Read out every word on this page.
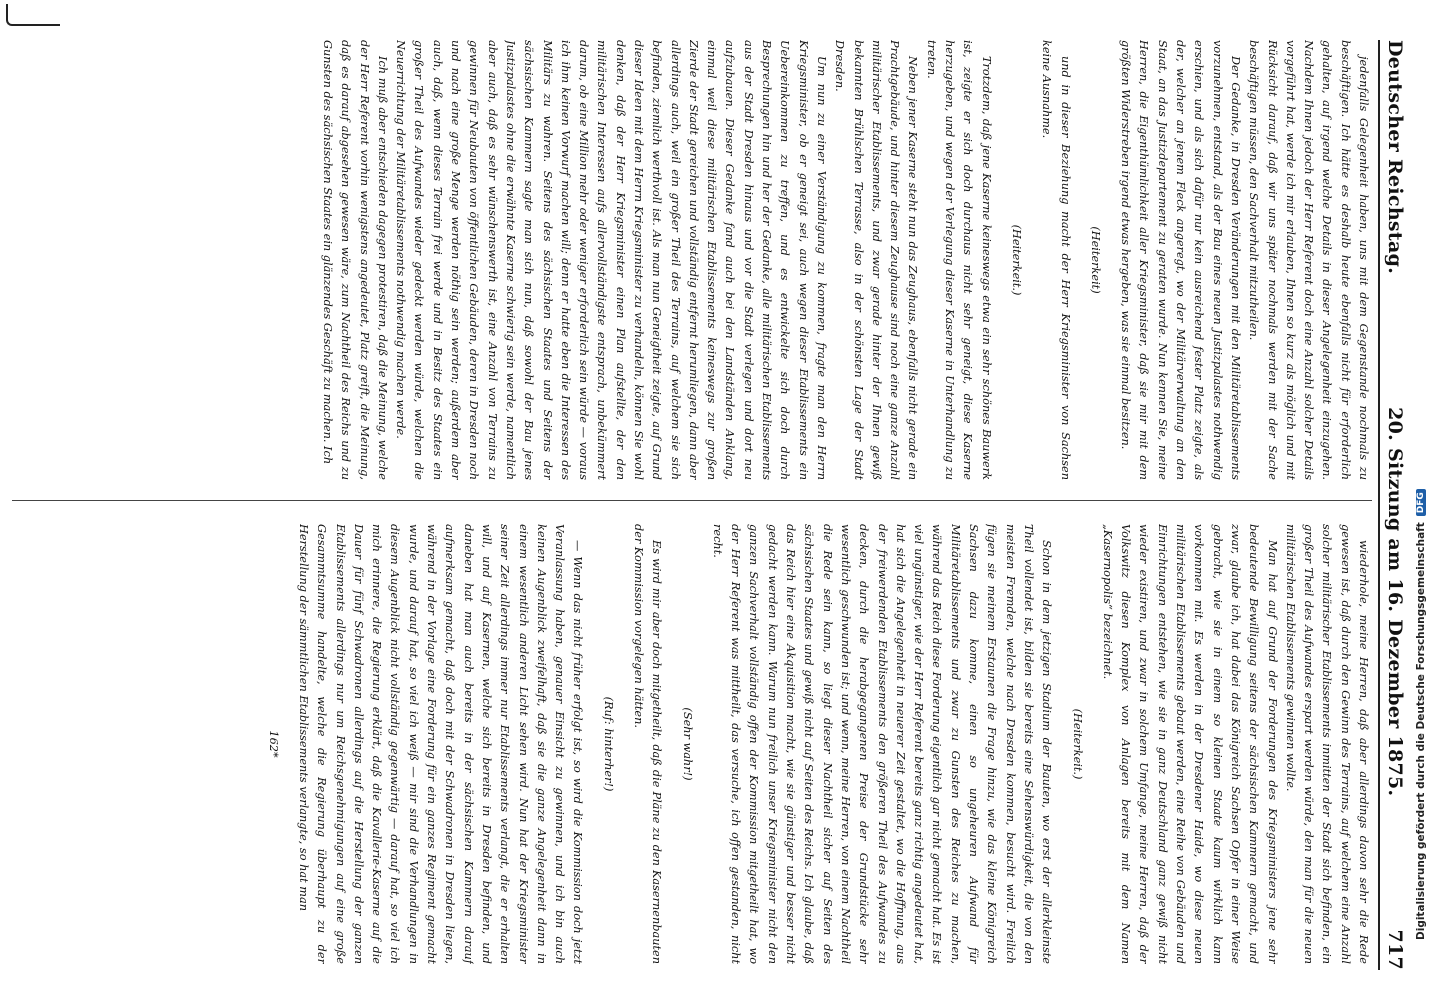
Deutscher Reichstag.
20. Sitzung am 16. Dezember 1875.
717

jedenfalls Gelegenheit haben, uns mit dem Gegenstande nochmals zu beschäftigen. Ich hätte es deshalb heute ebenfalls nicht für erforderlich gehalten, auf irgend welche Details in dieser Angelegenheit einzugehen. Nachdem Ihnen jedoch der Herr Referent doch eine Anzahl solcher Details vorgeführt hat, werde ich mir erlauben, Ihnen so kurz als möglich und mit Rücksicht darauf, daß wir uns später nochmals werden mit der Sache beschäftigen müssen, den Sachverhalt mitzutheilen.

Der Gedanke, in Dresden Veränderungen mit den Militäretablissements vorzunehmen, entstand, als der Bau eines neuen Justizpalastes nothwendig erschien, und als sich dafür nur kein ausreichend fester Platz zeigte, als der, welcher an jenem Fleck angeregt, wo der Militärverwaltung an den Staat, an das Justizdepartement zu geraten wurde. Nun kennen Sie, meine Herren, die Eigenthümlichkeit aller Kriegsminister, daß sie mir mit dem größten Widerstreben irgend etwas hergeben, was sie einmal besitzen.

(Heiterkeit)

und in dieser Beziehung macht der Herr Kriegsminister von Sachsen keine Ausnahme.

(Heiterkeit.)

Trotzdem, daß jene Kaserne keineswegs etwa ein sehr schönes Bauwerk ist, zeigte er sich doch durchaus nicht sehr geneigt, diese Kaserne herzugeben, und wegen der Verlegung dieser Kaserne in Unterhandlung zu treten.

Neben jener Kaserne steht nun das Zeughaus, ebenfalls nicht gerade ein Prachtgebäude, und hinter diesem Zeughause sind noch eine ganze Anzahl militärischer Etablissements, und zwar gerade hinter der Ihnen gewiß bekannten Brühlschen Terrasse, also in der schönsten Lage der Stadt Dresden.

Um nun zu einer Verständigung zu kommen, fragte man den Herrn Kriegsminister, ob er geneigt sei, auch wegen dieser Etablissements ein Uebereinkommen zu treffen, und es entwickelte sich doch durch Besprechungen hin und her der Gedanke, alle militärischen Etablissements aus der Stadt Dresden hinaus und vor die Stadt verlegen und dort neu aufzubauen. Dieser Gedanke fand auch bei den Landständen Anklang, einmal weil diese militärischen Etablissements keineswegs zur großen Zierde der Stadt gereichen und vollständig entfernt herumliegen, dann aber allerdings auch, weil ein großer Theil des Terrains, auf welchem sie sich befinden, ziemlich werthvoll ist. Als man nun Geneigtheit zeigte, auf Grund dieser Ideen mit dem Herrn Kriegsminister zu verhandeln, können Sie wohl denken, daß der Herr Kriegsminister einen Plan aufstellte, der den militärischen Interessen aufs allervollständigste entsprach, unbekümmert darum, ob eine Million mehr oder weniger erforderlich sein würde — voraus ich ihm keinen Vorwurf machen will; denn er hatte eben die Interessen des Militärs zu wahren. Seitens des sächsischen Staates und Seitens der sächsischen Kammern sagte man sich nun, daß sowohl der Bau jenes Justizpalastes ohne die erwähnte Kaserne schwierig sein werde, namentlich aber auch, daß es sehr wünschenswerth ist, eine Anzahl von Terrains zu gewinnen für Neubauten von öffentlichen Gebäuden, deren in Dresden noch und nach eine große Menge werden nöthig sein werden; außerdem aber auch, daß, wenn dieses Terrain frei werde und in Besitz des Staates ein großer Theil des Aufwandes wieder gedeckt werden würde, welchen die Neuerrichtung der Militäretablissements nothwendig machen werde.

Ich muß aber entschieden dagegen protestiren, daß die Meinung, welche der Herr Referent vorhin wenigstens angedeutet, Platz greift, die Meinung, daß es darauf abgesehen gewesen wäre, zum Nachtheil des Reichs und zu Gunsten des sächsischen Staates ein glänzendes Geschäft zu machen. Ich

wiederhole, meine Herren, daß aber allerdings davon sehr die Rede gewesen ist, daß durch den Gewinn des Terrains, auf welchem eine Anzahl solcher militärischer Etablissements inmitten der Stadt sich befinden, ein großer Theil des Aufwandes erspart werden würde, den man für die neuen militärischen Etablissements gewinnen wollte.

Man hat auf Grund der Forderungen des Kriegsministers jene sehr bedeutende Bewilligung seitens der sächsischen Kammern gemacht, und zwar, glaube ich, hat dabei das Königreich Sachsen Opfer in einer Weise gebracht, wie sie in einem so kleinen Staate kaum wirklich kann vorkommen mit. Es werden in der Dresdener Haide, wo diese neuen militärischen Etablissements gebaut werden, eine Reihe von Gebäuden und Einrichtungen entstehen, wie sie in ganz Deutschland ganz gewiß nicht wieder existiren, und zwar in solchem Umfange, meine Herren, daß der Volkswitz diesen Komplex von Anlagen bereits mit dem Namen „Kasernopolis“ bezeichnet.

(Heiterkeit.)

Schon in dem jetzigen Stadium der Bauten, wo erst der allerkleinste Theil vollendet ist, bilden sie bereits eine Sehenswürdigkeit, die von den meisten Fremden, welche nach Dresden kommen, besucht wird. Freilich fügen sie meinem Erstaunen die Frage hinzu, wie das kleine Königreich Sachsen dazu komme, einen so ungeheuren Aufwand für Militäretablissements und zwar zu Gunsten des Reiches zu machen, während das Reich diese Forderung eigentlich gar nicht gemacht hat. Es ist viel ungünstiger, wie der Herr Referent bereits ganz richtig angedeutet hat, hat sich die Angelegenheit in neuerer Zeit gestaltet, wo die Hoffnung, aus der freiwerdenden Etablissements den größeren Theil des Aufwandes zu decken, durch die herabgegangenen Preise der Grundstücke sehr wesentlich geschwunden ist; und wenn, meine Herren, von einem Nachtheil die Rede sein kann, so liegt dieser Nachtheil sicher auf Seiten des sächsischen Staates und gewiß nicht auf Seiten des Reichs. Ich glaube, daß das Reich hier eine Akquisition macht, wie sie günstiger und besser nicht gedacht werden kann. Warum nun freilich unser Kriegsminister nicht den ganzen Sachverhalt vollständig offen der Kommission mitgetheilt hat, wo der Herr Referent was mittheilt, das versuche, ich offen gestanden, nicht recht.

(Sehr wahr!)

Es wird mir aber doch mitgetheilt, daß die Pläne zu den Kasernenbauten der Kommission vorgelegen hätten.

(Ruf: hinterher!)

— Wenn das nicht früher erfolgt ist, so wird die Kommission doch jetzt Veranlassung haben, genauer Einsicht zu gewinnen, und ich bin auch keinen Augenblick zweifelhaft, daß sie die ganze Angelegenheit dann in einem wesentlich anderen Licht sehen wird. Nun hat der Kriegsminister seiner Zeit allerdings immer nur Etablissements verlangt, die er erhalten will, und auf Kasernen, welche sich bereits in Dresden befinden, und daneben hat man auch bereits in der sächsischen Kammern darauf aufmerksam gemacht, daß doch mit der Schwadronen in Dresden liegen, während in der Vorlage eine Forderung für ein ganzes Regiment gemacht wurde, und darauf hat, so viel ich weiß — mir sind die Verhandlungen in diesem Augenblick nicht vollständig gegenwärtig — darauf hat, so viel ich mich erinnere, die Regierung erklärt, daß die Kavallerie-Kaserne auf die Dauer für fünf Schwadronen allerdings auf die Herstellung der ganzen Etablissements allerdings nur um Reichsgenehmigungen auf eine große Gesammtsumme handelte, welche die Regierung überhaupt zu der Herstellung der sämmtlichen Etablissements verlangte, so hat man

162*	Digitalisierung gefördert durch die Deutsche Forschungsgemeinschaft
DFG
